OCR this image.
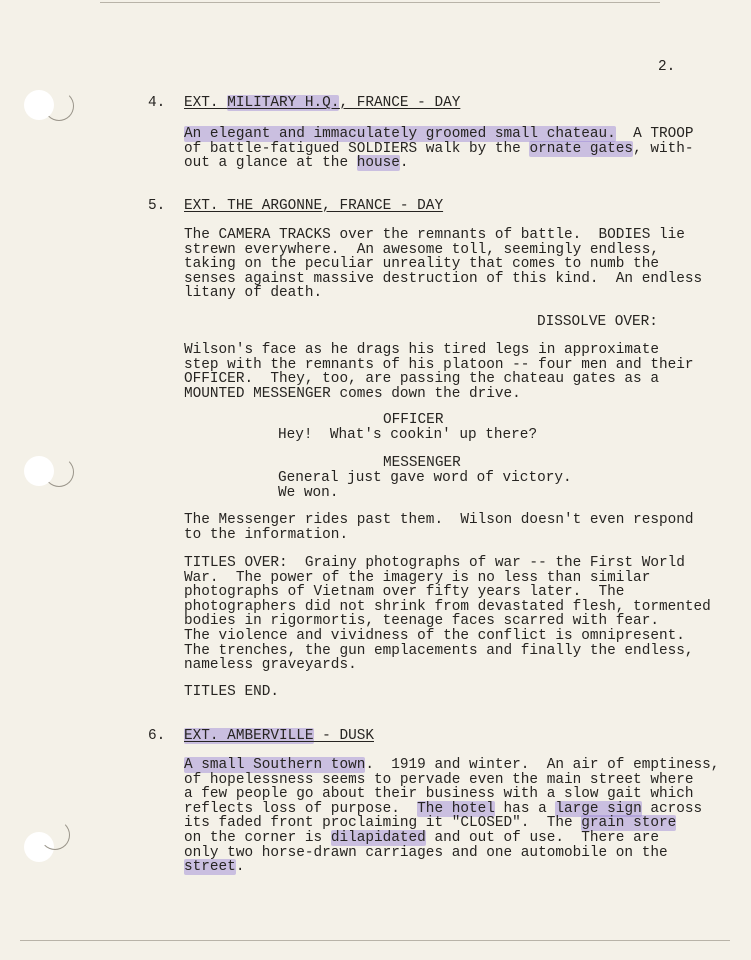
2.
4. EXT. MILITARY H.Q., FRANCE - DAY
An elegant and immaculately groomed small chateau.  A TROOP
of battle-fatigued SOLDIERS walk by the ornate gates, with-
out a glance at the house.
5. EXT. THE ARGONNE, FRANCE - DAY
The CAMERA TRACKS over the remnants of battle.  BODIES lie
strewn everywhere.  An awesome toll, seemingly endless,
taking on the peculiar unreality that comes to numb the
senses against massive destruction of this kind.  An endless
litany of death.
DISSOLVE OVER:
Wilson's face as he drags his tired legs in approximate
step with the remnants of his platoon -- four men and their
OFFICER.  They, too, are passing the chateau gates as a
MOUNTED MESSENGER comes down the drive.
OFFICER
Hey!  What's cookin' up there?
MESSENGER
General just gave word of victory.
We won.
The Messenger rides past them.  Wilson doesn't even respond
to the information.
TITLES OVER:  Grainy photographs of war -- the First World
War.  The power of the imagery is no less than similar
photographs of Vietnam over fifty years later.  The
photographers did not shrink from devastated flesh, tormented
bodies in rigormortis, teenage faces scarred with fear.
The violence and vividness of the conflict is omnipresent.
The trenches, the gun emplacements and finally the endless,
nameless graveyards.
TITLES END.
6. EXT. AMBERVILLE - DUSK
A small Southern town.  1919 and winter.  An air of emptiness,
of hopelessness seems to pervade even the main street where
a few people go about their business with a slow gait which
reflects loss of purpose.  The hotel has a large sign across
its faded front proclaiming it "CLOSED".  The grain store
on the corner is dilapidated and out of use.  There are
only two horse-drawn carriages and one automobile on the
street.
